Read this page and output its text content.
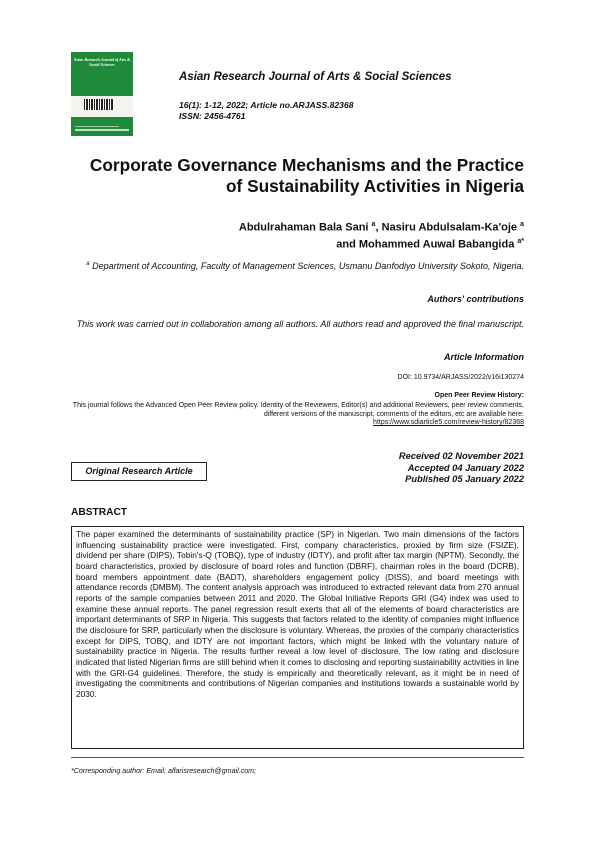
Asian Research Journal of Arts & Social Sciences
Asian Research Journal of Arts & Social Sciences
16(1): 1-12, 2022; Article no.ARJASS.82368
ISSN: 2456-4761
Corporate Governance Mechanisms and the Practice of Sustainability Activities in Nigeria
Abdulrahaman Bala Sani $^a$, Nasiru Abdulsalam-Ka'oje $^a$
and Mohammed Auwal Babangida $^{a*}$
$^a$ Department of Accounting, Faculty of Management Sciences, Usmanu Danfodiyo University Sokoto, Nigeria.
Authors' contributions
This work was carried out in collaboration among all authors. All authors read and approved the final manuscript.
Article Information
DOI: 10.9734/ARJASS/2022/v16i130274
Open Peer Review History:
This journal follows the Advanced Open Peer Review policy. Identity of the Reviewers, Editor(s) and additional Reviewers, peer review comments, different versions of the manuscript, comments of the editors, etc are available here:
https://www.sdiarticle5.com/review-history/82368
Original Research Article
Received 02 November 2021
Accepted 04 January 2022
Published 05 January 2022
ABSTRACT
The paper examined the determinants of sustainability practice (SP) in Nigerian. Two main dimensions of the factors influencing sustainability practice were investigated. First, company characteristics, proxied by firm size (FSIZE), dividend per share (DIPS), Tobin's-Q (TOBQ), type of industry (IDTY), and profit after tax margin (NPTM). Secondly, the board characteristics, proxied by disclosure of board roles and function (DBRF), chairman roles in the board (DCRB), board members appointment date (BADT), shareholders engagement policy (DISS), and board meetings with attendance records (DMBM). The content analysis approach was introduced to extracted relevant data from 270 annual reports of the sample companies between 2011 and 2020. The Global Initiative Reports GRI (G4) index was used to examine these annual reports. The panel regression result exerts that all of the elements of board characteristics are important determinants of SRP in Nigeria. This suggests that factors related to the identity of companies might influence the disclosure for SRP, particularly when the disclosure is voluntary. Whereas, the proxies of the company characteristics except for DIPS, TOBQ, and IDTY are not important factors, which might be linked with the voluntary nature of sustainability practice in Nigeria. The results further reveal a low level of disclosure. The low rating and disclosure indicated that listed Nigerian firms are still behind when it comes to disclosing and reporting sustainability activities in line with the GRI-G4 guidelines. Therefore, the study is empirically and theoretically relevant, as it might be in need of investigating the commitments and contributions of Nigerian companies and institutions towards a sustainable world by 2030.
*Corresponding author: Email: alfarisresearch@gmail.com;
